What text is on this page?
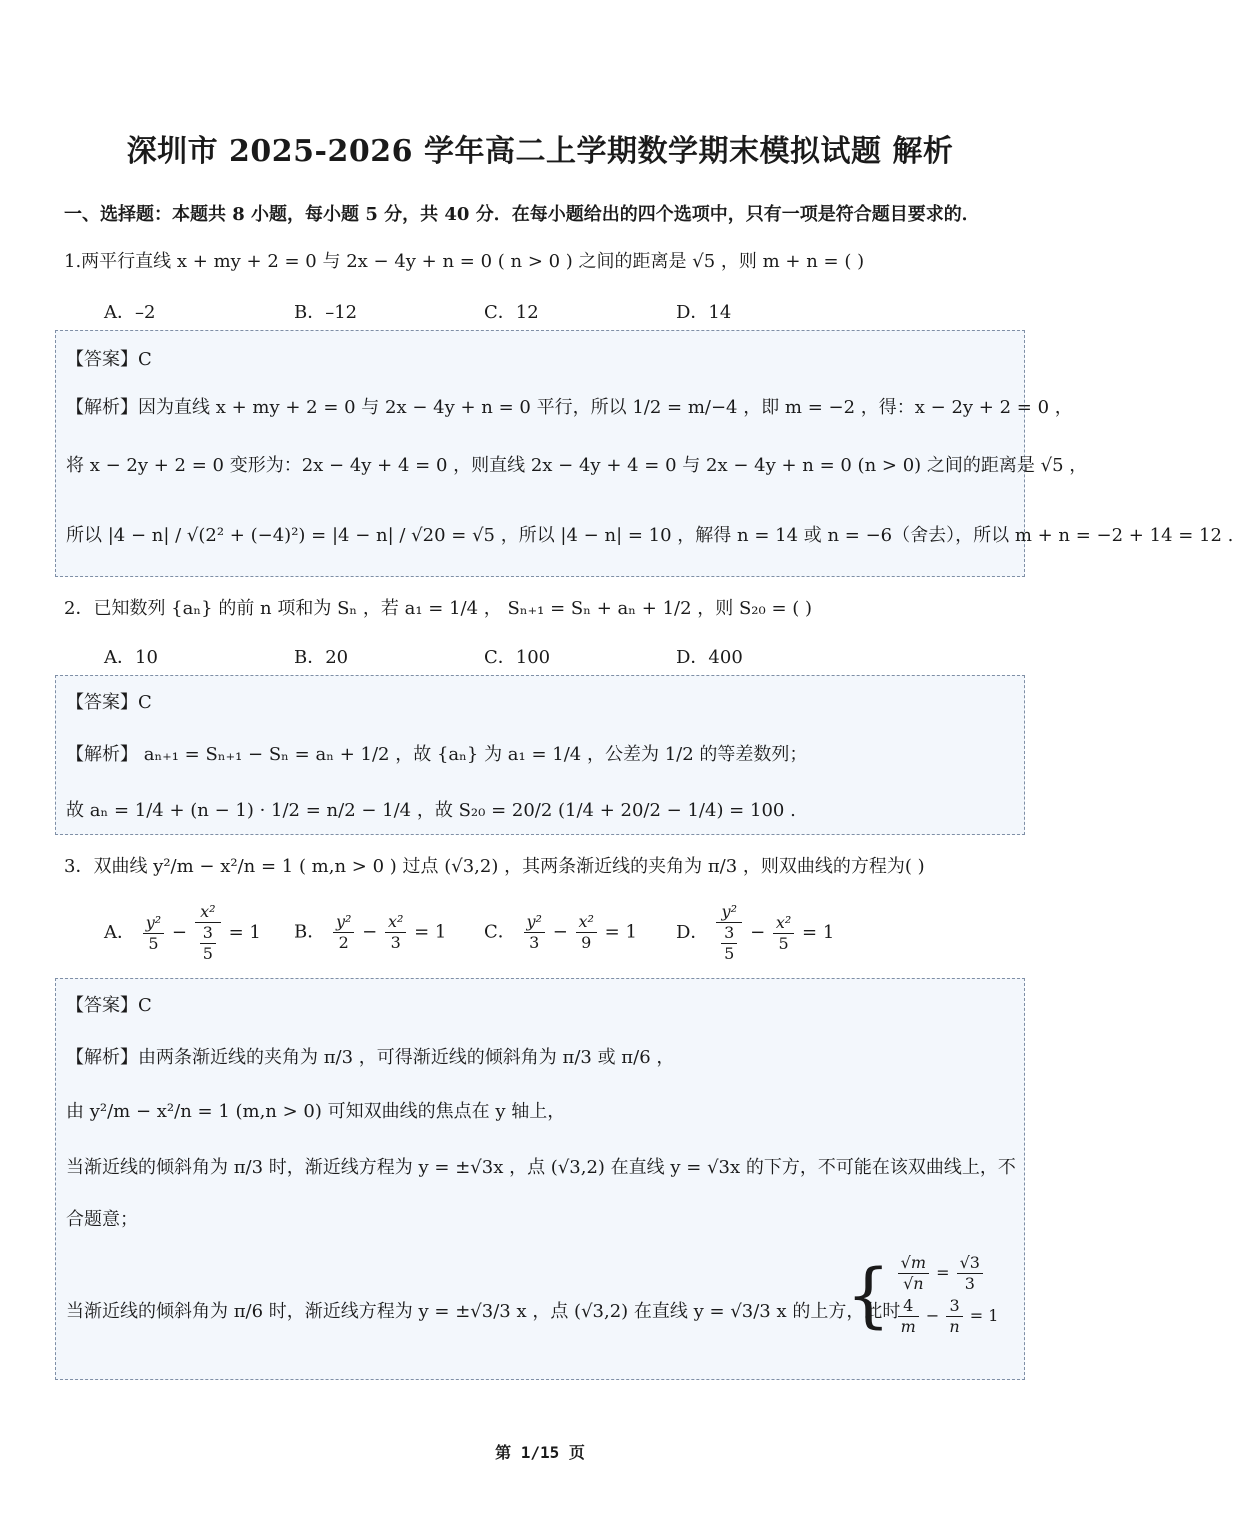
深圳市 2025-2026 学年高二上学期数学期末模拟试题 解析
一、选择题：本题共 8 小题，每小题 5 分，共 40 分．在每小题给出的四个选项中，只有一项是符合题目要求的．
1.两平行直线 x + my + 2 = 0 与 2x − 4y + n = 0 ( n > 0 ) 之间的距离是 √5 ，则 m + n = ( )
A．–2	B．–12	C．12	D．14
【答案】C
【解析】因为直线 x + my + 2 = 0 与 2x − 4y + n = 0 平行，所以 1/2 = m/−4 ，即 m = −2 ，得：x − 2y + 2 = 0 ，
将 x − 2y + 2 = 0 变形为：2x − 4y + 4 = 0 ，则直线 2x − 4y + 4 = 0 与 2x − 4y + n = 0 (n > 0) 之间的距离是 √5 ，
所以 |4 − n| / √(2² + (−4)²) = |4 − n| / √20 = √5 ，所以 |4 − n| = 10 ，解得 n = 14 或 n = −6（舍去），所以 m + n = −2 + 14 = 12 .
2．已知数列 {aₙ} 的前 n 项和为 Sₙ ，若 a₁ = 1/4 ， Sₙ₊₁ = Sₙ + aₙ + 1/2 ，则 S₂₀ = ( )
A．10	B．20	C．100	D．400
【答案】C
【解析】 aₙ₊₁ = Sₙ₊₁ − Sₙ = aₙ + 1/2 ，故 {aₙ} 为 a₁ = 1/4 ，公差为 1/2 的等差数列；
故 aₙ = 1/4 + (n − 1) · 1/2 = n/2 − 1/4 ，故 S₂₀ = 20/2 (1/4 + 20/2 − 1/4) = 100 .
3．双曲线 y²/m − x²/n = 1 ( m,n > 0 ) 过点 (√3,2) ，其两条渐近线的夹角为 π/3 ，则双曲线的方程为( )
A． $\frac{\text{y²}}{5} - \frac{\text{x²}}{\frac{3}{5}} = 1$ B． $\frac{\text{y²}}{2} - \frac{\text{x²}}{3} = 1$ C． $\frac{\text{y²}}{3} - \frac{\text{x²}}{9} = 1$ D． $\frac{\text{y²}}{\frac{3}{5}} - \frac{\text{x²}}{5} = 1$
【答案】C
【解析】由两条渐近线的夹角为 π/3 ，可得渐近线的倾斜角为 π/3 或 π/6 ，
由 y²/m − x²/n = 1 (m,n > 0) 可知双曲线的焦点在 y 轴上，
当渐近线的倾斜角为 π/3 时，渐近线方程为 y = ±√3x ，点 (√3,2) 在直线 y = √3x 的下方，不可能在该双曲线上，不
合题意；
当渐近线的倾斜角为 π/6 时，渐近线方程为 y = ±√3/3 x ，点 (√3,2) 在直线 y = √3/3 x 的上方，此时
{ $\frac{√m}{√n} = \frac{√3}{3}$
$\frac{4}{m} - \frac{3}{n} = 1$
第 1/15 页
